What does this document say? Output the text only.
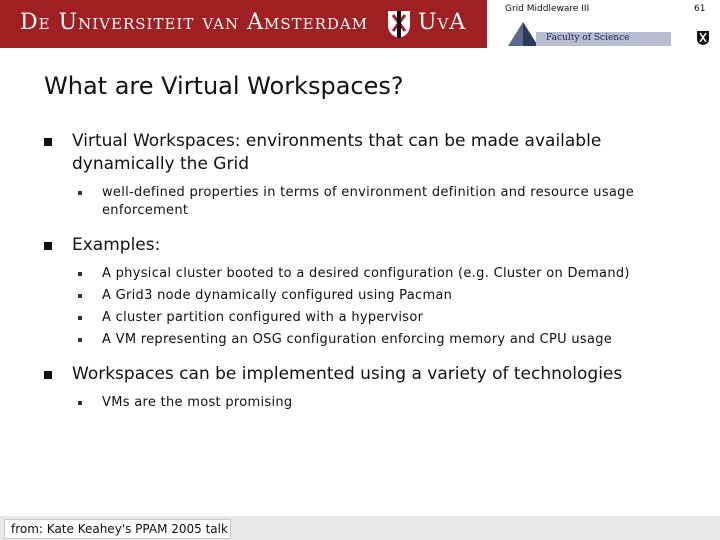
De Universiteit van Amsterdam UvA
Grid Middleware III	61
Faculty of Science
What are Virtual Workspaces?
Virtual Workspaces: environments that can be made available dynamically the Grid
well-defined properties in terms of environment definition and resource usage enforcement
Examples:
A physical cluster booted to a desired configuration (e.g. Cluster on Demand)
A Grid3 node dynamically configured using Pacman
A cluster partition configured with a hypervisor
A VM representing an OSG configuration enforcing memory and CPU usage
Workspaces can be implemented using a variety of technologies
VMs are the most promising
from: Kate Keahey's PPAM 2005 talk
